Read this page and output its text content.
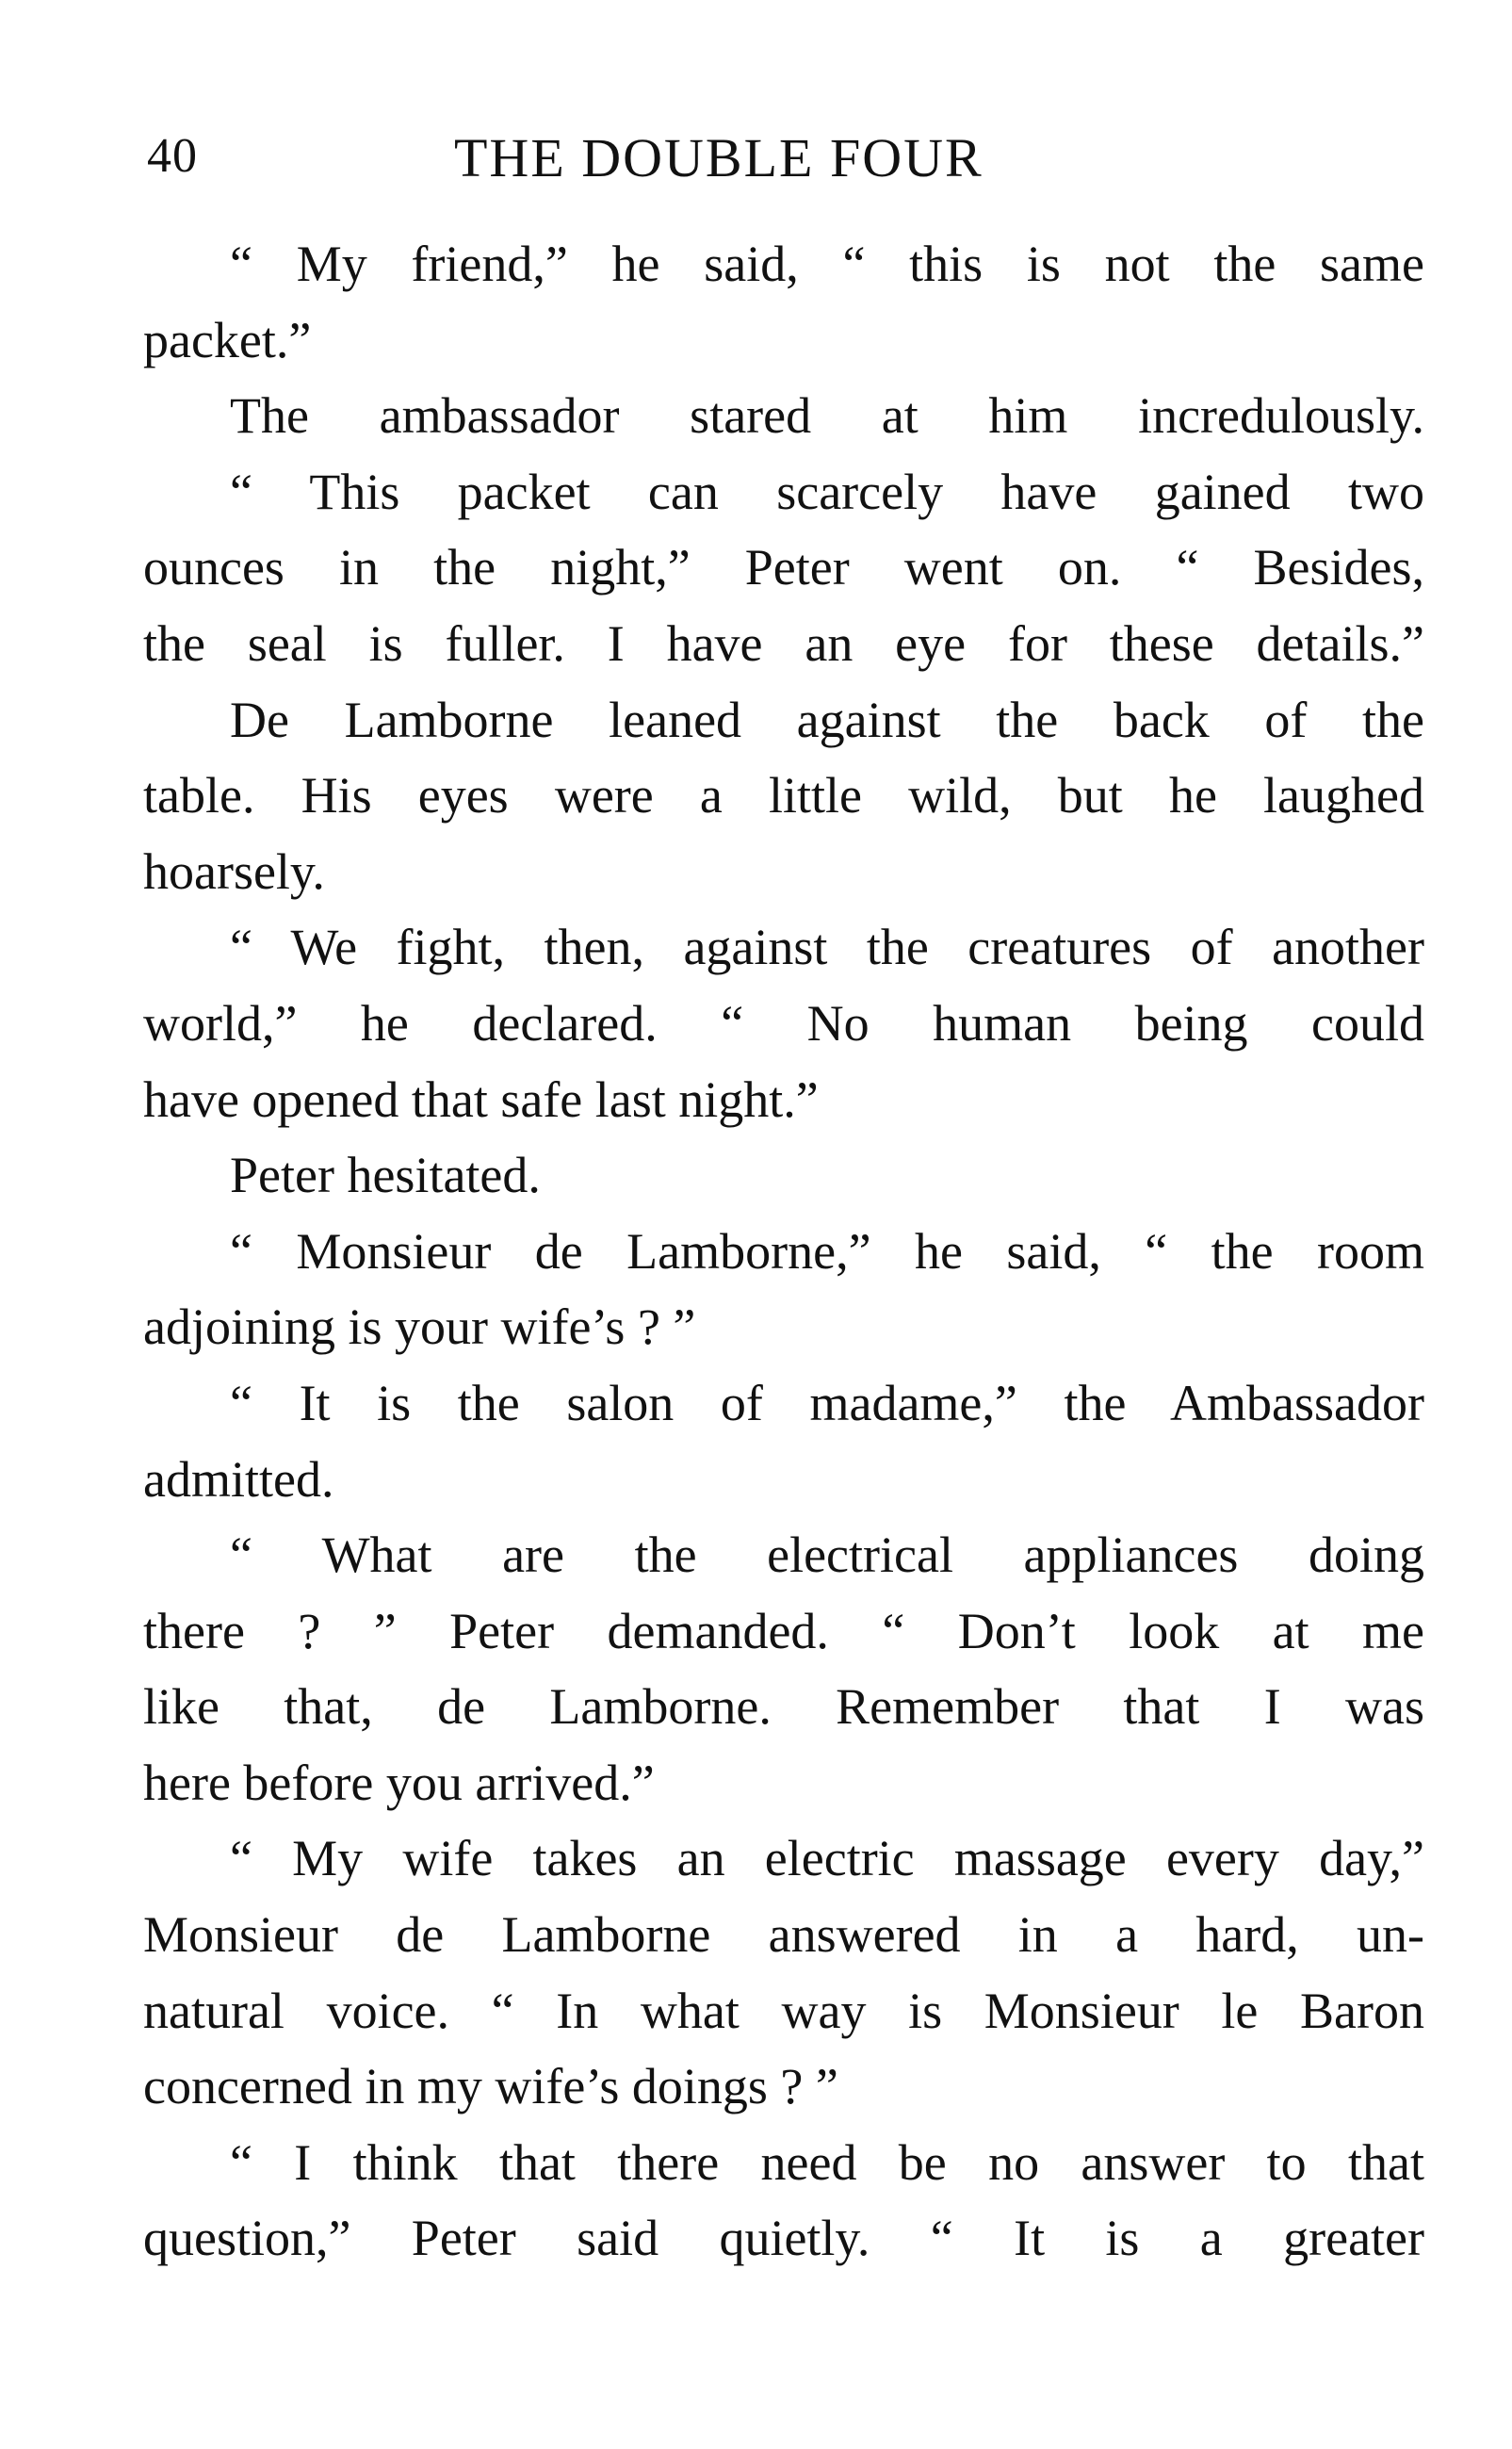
40	THE DOUBLE FOUR
“ My friend,” he said, “ this is not the same
packet.”
The ambassador stared at him incredulously.
“ This packet can scarcely have gained two
ounces in the night,” Peter went on. “ Besides,
the seal is fuller. I have an eye for these details.”
De Lamborne leaned against the back of the
table. His eyes were a little wild, but he laughed
hoarsely.
“ We fight, then, against the creatures of another
world,” he declared. “ No human being could
have opened that safe last night.”
Peter hesitated.
“ Monsieur de Lamborne,” he said, “ the room
adjoining is your wife’s ? ”
“ It is the salon of madame,” the Ambassador
admitted.
“ What are the electrical appliances doing
there ? ” Peter demanded. “ Don’t look at me
like that, de Lamborne. Remember that I was
here before you arrived.”
“ My wife takes an electric massage every day,”
Monsieur de Lamborne answered in a hard, un-
natural voice. “ In what way is Monsieur le Baron
concerned in my wife’s doings ? ”
“ I think that there need be no answer to that
question,” Peter said quietly. “ It is a greater
